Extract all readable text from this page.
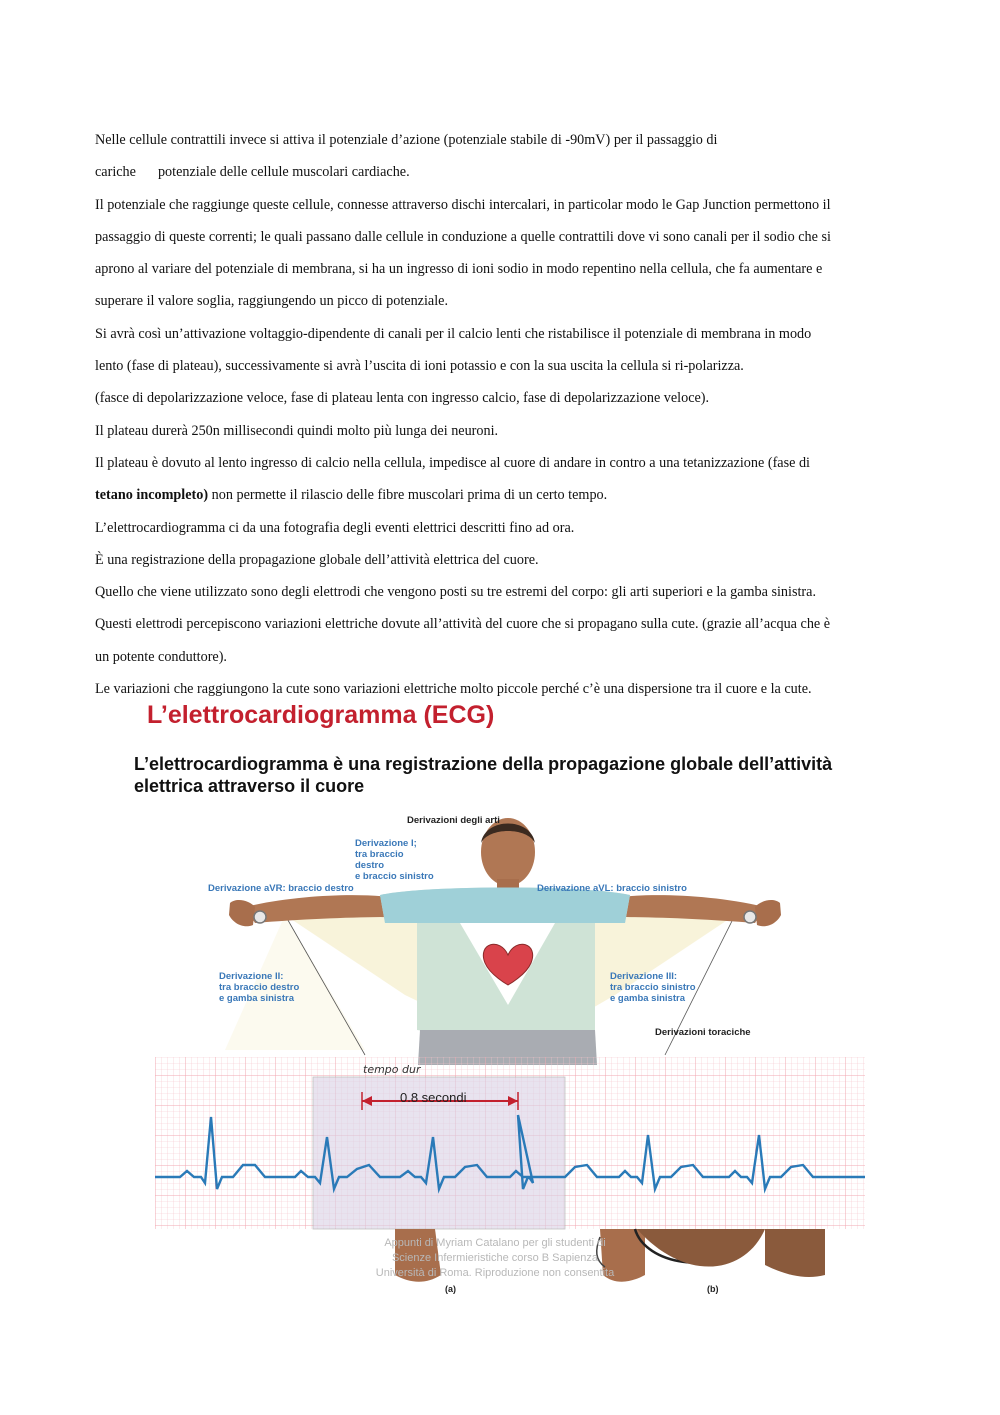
Nelle cellule contrattili invece si attiva il potenziale d’azione (potenziale stabile di -90mV) per il passaggio di
cariche potenziale delle cellule muscolari cardiache.
Il potenziale che raggiunge queste cellule, connesse attraverso dischi intercalari, in particolar modo le Gap Junction permettono il
passaggio di queste correnti; le quali passano dalle cellule in conduzione a quelle contrattili dove vi sono canali per il sodio che si
aprono al variare del potenziale di membrana, si ha un ingresso di ioni sodio in modo repentino nella cellula, che fa aumentare e
superare il valore soglia, raggiungendo un picco di potenziale.
Si avrà così un’attivazione voltaggio-dipendente di canali per il calcio lenti che ristabilisce il potenziale di membrana in modo
lento (fase di plateau), successivamente si avrà l’uscita di ioni potassio e con la sua uscita la cellula si ri-polarizza.
(fasce di depolarizzazione veloce, fase di plateau lenta con ingresso calcio, fase di depolarizzazione veloce).
Il plateau durerà 250n millisecondi quindi molto più lunga dei neuroni.
Il plateau è dovuto al lento ingresso di calcio nella cellula, impedisce al cuore di andare in contro a una tetanizzazione (fase di
tetano incompleto) non permette il rilascio delle fibre muscolari prima di un certo tempo.
L’elettrocardiogramma ci da una fotografia degli eventi elettrici descritti fino ad ora.
È una registrazione della propagazione globale dell’attività elettrica del cuore.
Quello che viene utilizzato sono degli elettrodi che vengono posti su tre estremi del corpo: gli arti superiori e la gamba sinistra.
Questi elettrodi percepiscono variazioni elettriche dovute all’attività del cuore che si propagano sulla cute. (grazie all’acqua che è
un potente conduttore).
Le variazioni che raggiungono la cute sono variazioni elettriche molto piccole perché c’è una dispersione tra il cuore e la cute.
L’elettrocardiogramma (ECG)
L’elettrocardiogramma è una registrazione della propagazione globale dell’attività elettrica attraverso il cuore
Derivazioni degli arti
Derivazione I;
tra braccio
destro
e braccio sinistro
Derivazione aVR: braccio destro	Derivazione aVL: braccio sinistro
Derivazione II:
tra braccio destro
e gamba sinistra
Derivazione III:
tra braccio sinistro
e gamba sinistra
Derivazioni toraciche
tempo dur
0.8 secondi
(a)	(b)
Appunti di Myriam Catalano per gli studenti di Scienze Infermieristiche corso B Sapienza Università di Roma. Riproduzione non consentita
